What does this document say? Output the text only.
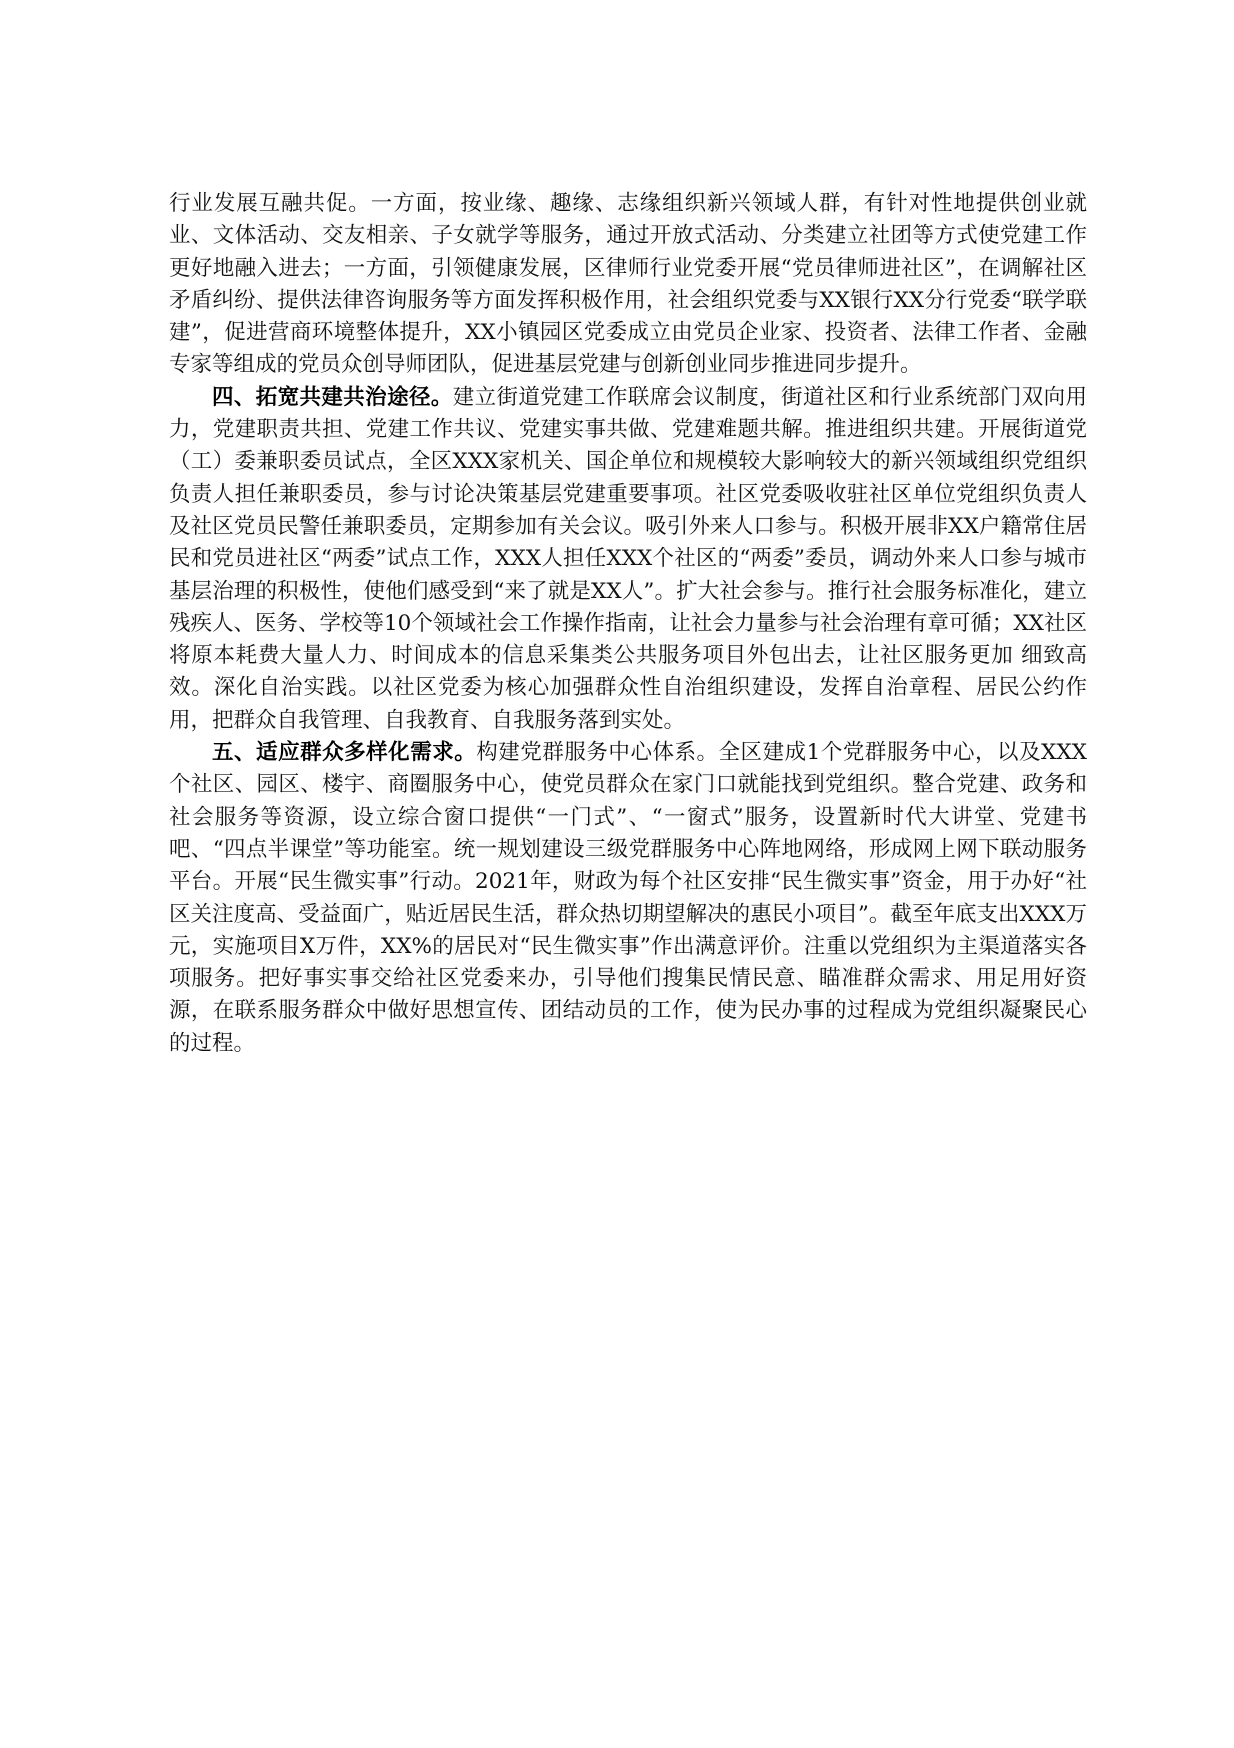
行业发展互融共促。一方面，按业缘、趣缘、志缘组织新兴领域人群，有针对性地提供创业就业、文体活动、交友相亲、子女就学等服务，通过开放式活动、分类建立社团等方式使党建工作更好地融入进去；一方面，引领健康发展，区律师行业党委开展“党员律师进社区”，在调解社区矛盾纠纷、提供法律咨询服务等方面发挥积极作用，社会组织党委与XX银行XX分行党委“联学联建”，促进营商环境整体提升，XX小镇园区党委成立由党员企业家、投资者、法律工作者、金融专家等组成的党员众创导师团队，促进基层党建与创新创业同步推进同步提升。

四、拓宽共建共治途径。建立街道党建工作联席会议制度，街道社区和行业系统部门双向用力，党建职责共担、党建工作共议、党建实事共做、党建难题共解。推进组织共建。开展街道党（工）委兼职委员试点，全区XXX家机关、国企单位和规模较大影响较大的新兴领域组织党组织负责人担任兼职委员，参与讨论决策基层党建重要事项。社区党委吸收驻社区单位党组织负责人及社区党员民警任兼职委员，定期参加有关会议。吸引外来人口参与。积极开展非XX户籍常住居民和党员进社区“两委”试点工作，XXX人担任XXX个社区的“两委”委员，调动外来人口参与城市基层治理的积极性，使他们感受到“来了就是XX人”。扩大社会参与。推行社会服务标准化，建立残疾人、医务、学校等10个领域社会工作操作指南，让社会力量参与社会治理有章可循；XX社区将原本耗费大量人力、时间成本的信息采集类公共服务项目外包出去，让社区服务更加 细致高效。深化自治实践。以社区党委为核心加强群众性自治组织建设，发挥自治章程、居民公约作用，把群众自我管理、自我教育、自我服务落到实处。

五、适应群众多样化需求。构建党群服务中心体系。全区建成1个党群服务中心，以及XXX个社区、园区、楼宇、商圈服务中心，使党员群众在家门口就能找到党组织。整合党建、政务和社会服务等资源，设立综合窗口提供“一门式”、“一窗式”服务，设置新时代大讲堂、党建书吧、“四点半课堂”等功能室。统一规划建设三级党群服务中心阵地网络，形成网上网下联动服务平台。开展“民生微实事”行动。2021年，财政为每个社区安排“民生微实事”资金，用于办好“社区关注度高、受益面广，贴近居民生活，群众热切期望解决的惠民小项目”。截至年底支出XXX万元，实施项目X万件，XX%的居民对“民生微实事”作出满意评价。注重以党组织为主渠道落实各项服务。把好事实事交给社区党委来办，引导他们搜集民情民意、瞄准群众需求、用足用好资源，在联系服务群众中做好思想宣传、团结动员的工作，使为民办事的过程成为党组织凝聚民心的过程。
